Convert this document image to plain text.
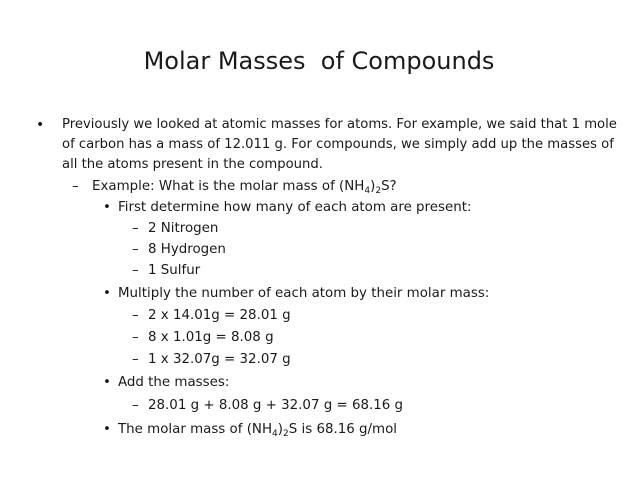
Molar Masses  of Compounds
• Previously we looked at atomic masses for atoms. For example, we said that 1 mole of carbon has a mass of 12.011 g. For compounds, we simply add up the masses of all the atoms present in the compound.
– Example: What is the molar mass of $(NH_4)_2S$?
• First determine how many of each atom are present:
– 2 Nitrogen
– 8 Hydrogen
– 1 Sulfur
• Multiply the number of each atom by their molar mass:
– 2 x 14.01g = 28.01 g
– 8 x 1.01g = 8.08 g
– 1 x 32.07g = 32.07 g
• Add the masses:
– 28.01 g + 8.08 g + 32.07 g = 68.16 g
• The molar mass of $(NH_4)_2S$ is 68.16 g/mol
